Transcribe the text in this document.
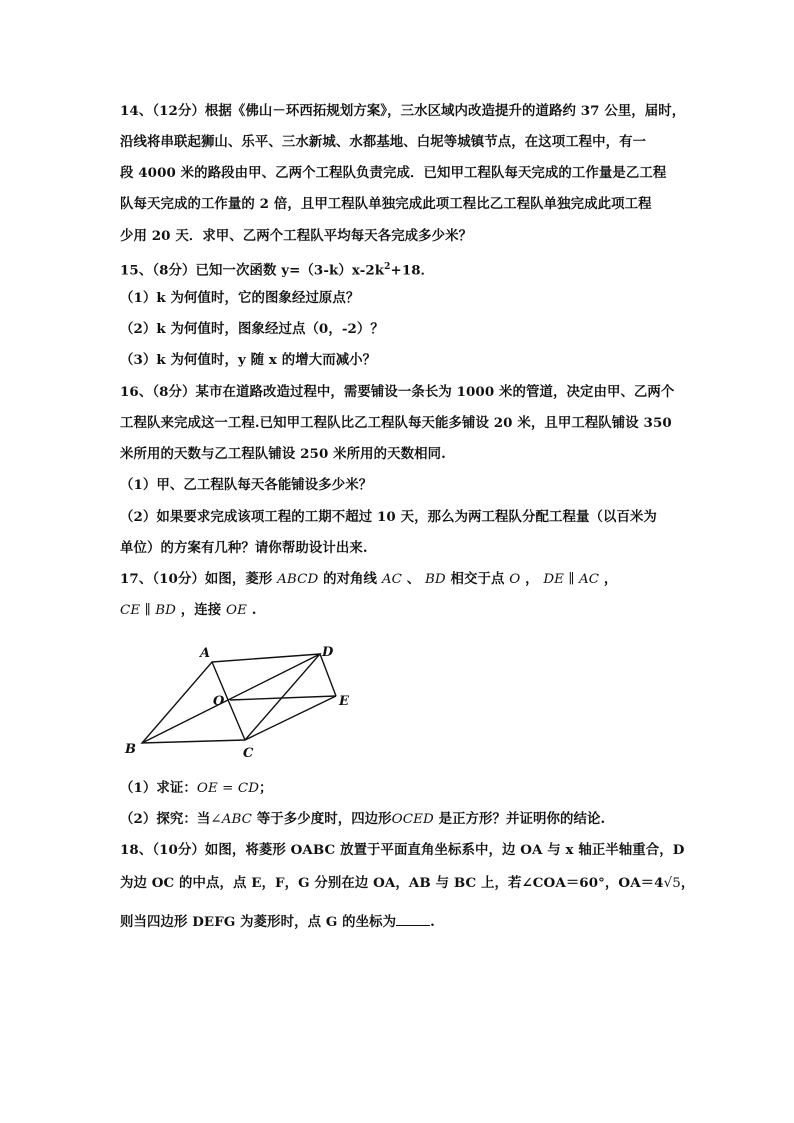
14、（12分）根据《佛山－环西拓规划方案》，三水区域内改造提升的道路约 37 公里，届时，
沿线将串联起狮山、乐平、三水新城、水都基地、白坭等城镇节点，在这项工程中，有一
段 4000 米的路段由甲、乙两个工程队负责完成．已知甲工程队每天完成的工作量是乙工程
队每天完成的工作量的 2 倍，且甲工程队单独完成此项工程比乙工程队单独完成此项工程
少用 20 天．求甲、乙两个工程队平均每天各完成多少米？
15、（8分）已知一次函数 $y=(3-k)x-2k^2+18$．
（1）k 为何值时，它的图象经过原点？
（2）k 为何值时，图象经过点（0，-2）？
（3）k 为何值时，y 随 x 的增大而减小？
16、（8分）某市在道路改造过程中，需要铺设一条长为 1000 米的管道，决定由甲、乙两个
工程队来完成这一工程.已知甲工程队比乙工程队每天能多铺设 20 米，且甲工程队铺设 350
米所用的天数与乙工程队铺设 250 米所用的天数相同.
（1）甲、乙工程队每天各能铺设多少米？
（2）如果要求完成该项工程的工期不超过 10 天，那么为两工程队分配工程量（以百米为
单位）的方案有几种？请你帮助设计出来.
17、（10分）如图，菱形 ABCD 的对角线 AC 、 BD 相交于点 O ， DE ∥ AC ，
CE ∥ BD ，连接 OE .
A	D
O	E
B	C
（1）求证：OE = CD；
（2）探究：当∠ABC 等于多少度时，四边形OCED 是正方形？并证明你的结论.
18、（10分）如图，将菱形 OABC 放置于平面直角坐标系中，边 OA 与 x 轴正半轴重合，D
为边 OC 的中点，点 E，F，G 分别在边 OA，AB 与 BC 上，若∠COA＝60°，OA＝4√5，
则当四边形 DEFG 为菱形时，点 G 的坐标为	.
